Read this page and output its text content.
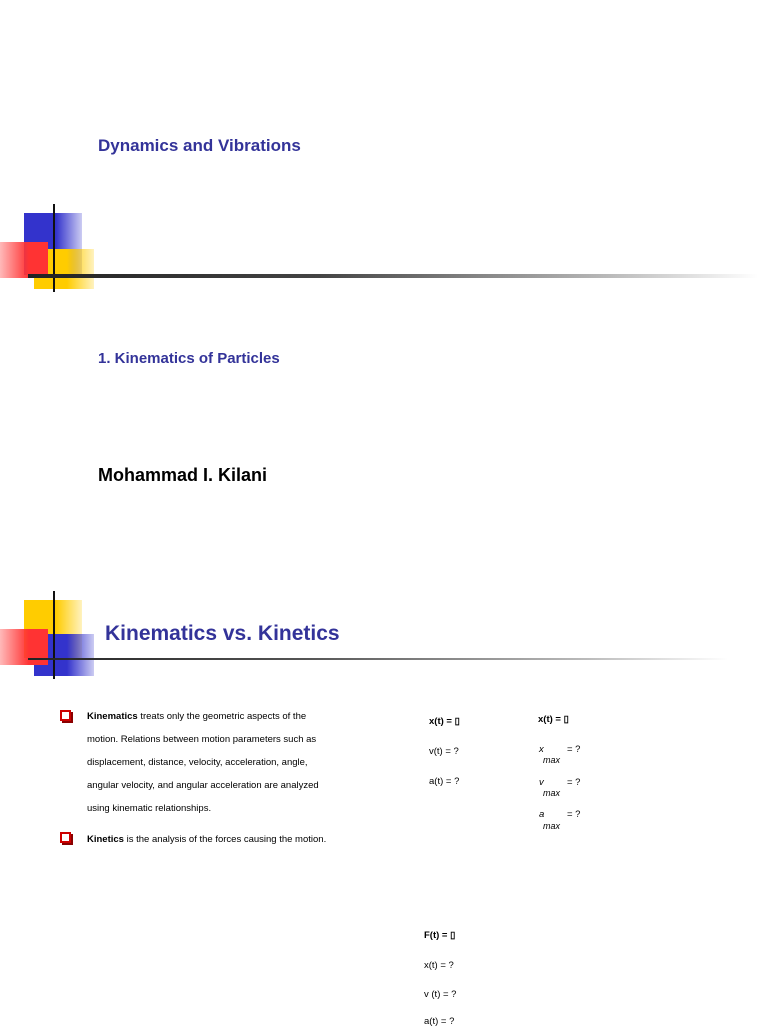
Dynamics and Vibrations
1. Kinematics of Particles
Mohammad I. Kilani
Kinematics vs. Kinetics
Kinematics treats only the geometric aspects of the
motion. Relations between motion parameters such as
displacement, distance, velocity, acceleration, angle,
angular velocity, and angular acceleration are analyzed
using kinematic relationships.
Kinetics is the analysis of the forces causing the motion.
x(t) = ▯
v(t) = ?
a(t) = ?
x(t) = ▯
x
max
= ?
v
max
= ?
a
max
= ?
F(t) = ▯
x(t) = ?
v (t) = ?
a(t) = ?
